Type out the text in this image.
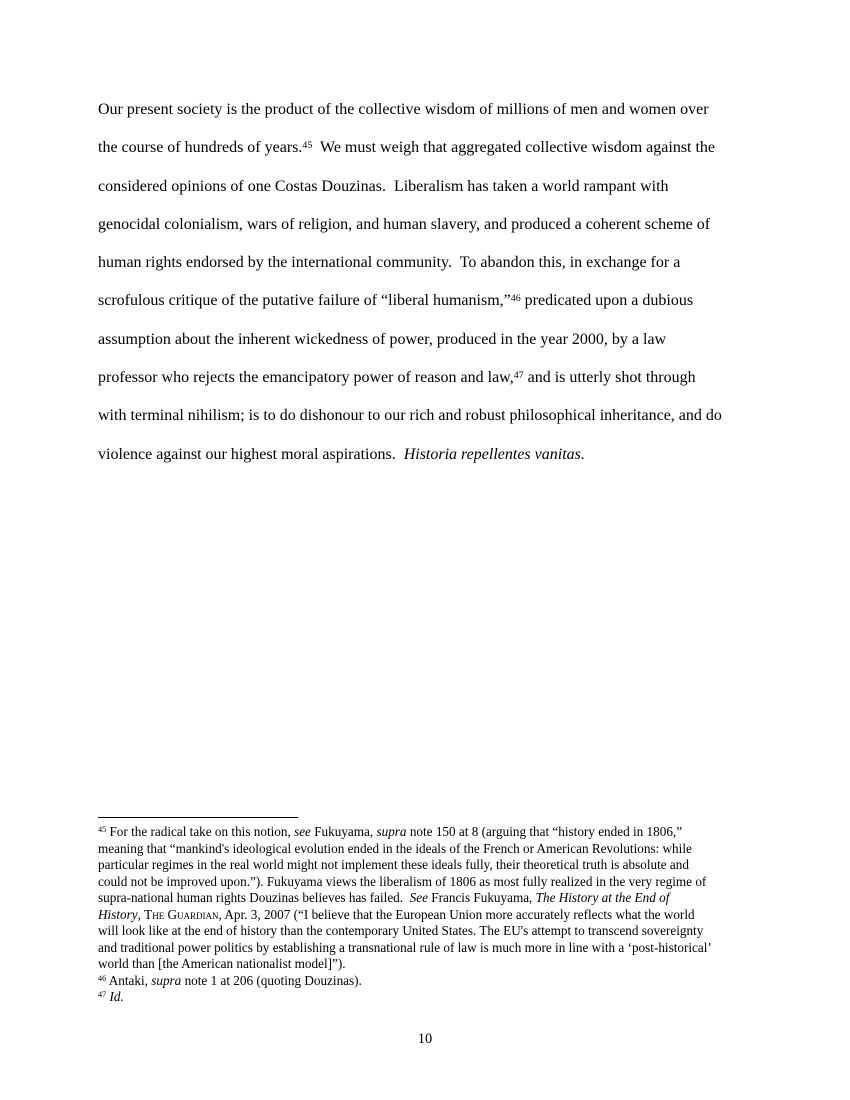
Our present society is the product of the collective wisdom of millions of men and women over
the course of hundreds of years.$^{45}$  We must weigh that aggregated collective wisdom against the
considered opinions of one Costas Douzinas.  Liberalism has taken a world rampant with
genocidal colonialism, wars of religion, and human slavery, and produced a coherent scheme of
human rights endorsed by the international community.  To abandon this, in exchange for a
scrofulous critique of the putative failure of “liberal humanism,”$^{46}$ predicated upon a dubious
assumption about the inherent wickedness of power, produced in the year 2000, by a law
professor who rejects the emancipatory power of reason and law,$^{47}$ and is utterly shot through
with terminal nihilism; is to do dishonour to our rich and robust philosophical inheritance, and do
violence against our highest moral aspirations.  Historia repellentes vanitas.
$^{45}$ For the radical take on this notion, see Fukuyama, supra note 150 at 8 (arguing that “history ended in 1806,”
meaning that “mankind's ideological evolution ended in the ideals of the French or American Revolutions: while
particular regimes in the real world might not implement these ideals fully, their theoretical truth is absolute and
could not be improved upon.”). Fukuyama views the liberalism of 1806 as most fully realized in the very regime of
supra-national human rights Douzinas believes has failed.  See Francis Fukuyama, The History at the End of
History, The Guardian, Apr. 3, 2007 (“I believe that the European Union more accurately reflects what the world
will look like at the end of history than the contemporary United States. The EU's attempt to transcend sovereignty
and traditional power politics by establishing a transnational rule of law is much more in line with a ‘post-historical’
world than [the American nationalist model]”).
$^{46}$ Antaki, supra note 1 at 206 (quoting Douzinas).
$^{47}$ Id.
10
